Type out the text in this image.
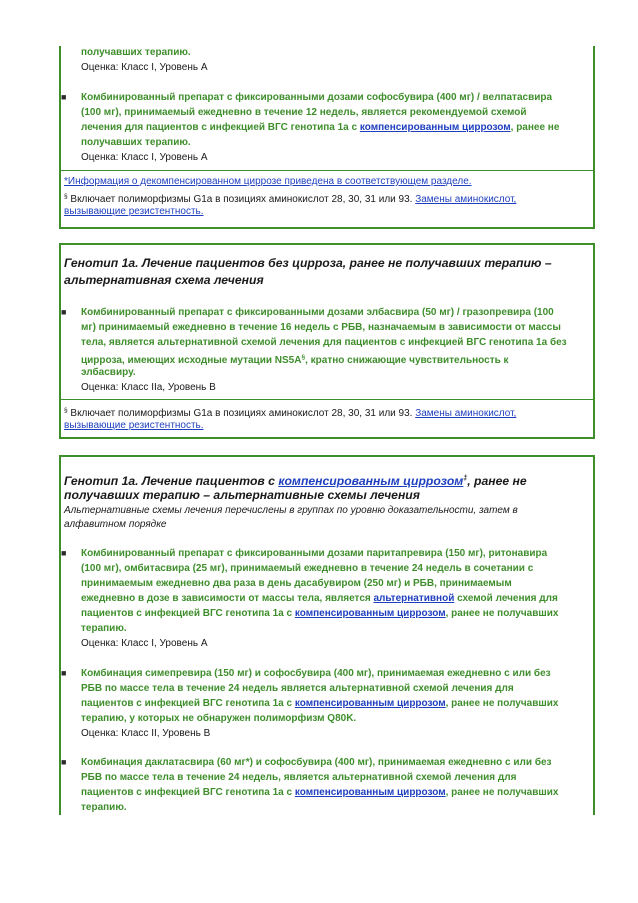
получавших терапию.
Оценка: Класс I, Уровень A
■ Комбинированный препарат с фиксированными дозами софосбувира (400 мг) / велпатасвира
(100 мг), принимаемый ежедневно в течение 12 недель, является рекомендуемой схемой
лечения для пациентов с инфекцией ВГС генотипа 1а с компенсированным циррозом, ранее не
получавших терапию.
Оценка: Класс I, Уровень A
*Информация о декомпенсированном циррозе приведена в соответствующем разделе.
§ Включает полиморфизмы G1a в позициях аминокислот 28, 30, 31 или 93. Замены аминокислот,
вызывающие резистентность.
Генотип 1а. Лечение пациентов без цирроза, ранее не получавших терапию –
альтернативная схема лечения
■ Комбинированный препарат с фиксированными дозами элбасвира (50 мг) / гразопревира (100
мг) принимаемый ежедневно в течение 16 недель с РБВ, назначаемым в зависимости от массы
тела, является альтернативной схемой лечения для пациентов с инфекцией ВГС генотипа 1а без
цирроза, имеющих исходные мутации NS5A§, кратно снижающие чувствительность к
элбасвиру.
Оценка: Класс IIa, Уровень B
§ Включает полиморфизмы G1a в позициях аминокислот 28, 30, 31 или 93. Замены аминокислот,
вызывающие резистентность.
Генотип 1а. Лечение пациентов с компенсированным циррозом‡, ранее не
получавших терапию – альтернативные схемы лечения
Альтернативные схемы лечения перечислены в группах по уровню доказательности, затем в
алфавитном порядке
■ Комбинированный препарат с фиксированными дозами паритапревира (150 мг), ритонавира
(100 мг), омбитасвира (25 мг), принимаемый ежедневно в течение 24 недель в сочетании с
принимаемым ежедневно два раза в день дасабувиром (250 мг) и РБВ, принимаемым
ежедневно в дозе в зависимости от массы тела, является альтернативной схемой лечения для
пациентов с инфекцией ВГС генотипа 1а с компенсированным циррозом, ранее не получавших
терапию.
Оценка: Класс I, Уровень A
■ Комбинация симепревира (150 мг) и софосбувира (400 мг), принимаемая ежедневно с или без
РБВ по массе тела в течение 24 недель является альтернативной схемой лечения для
пациентов с инфекцией ВГС генотипа 1а с компенсированным циррозом, ранее не получавших
терапию, у которых не обнаружен полиморфизм Q80K.
Оценка: Класс II, Уровень B
■ Комбинация даклатасвира (60 мг*) и софосбувира (400 мг), принимаемая ежедневно с или без
РБВ по массе тела в течение 24 недель, является альтернативной схемой лечения для
пациентов с инфекцией ВГС генотипа 1а с компенсированным циррозом, ранее не получавших
терапию.
